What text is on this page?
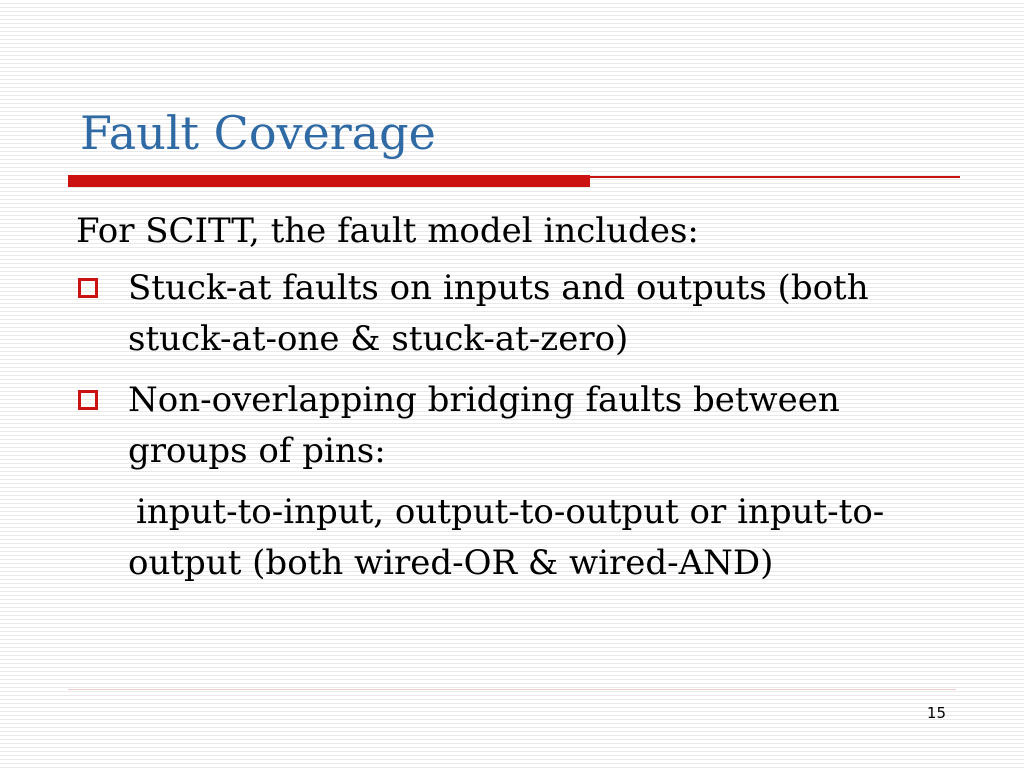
Fault Coverage

For SCITT, the fault model includes:

Stuck-at faults on inputs and outputs (both stuck-at-one & stuck-at-zero)
Non-overlapping bridging faults between groups of pins:

input-to-input, output-to-output or input-to-output (both wired-OR & wired-AND)

15
